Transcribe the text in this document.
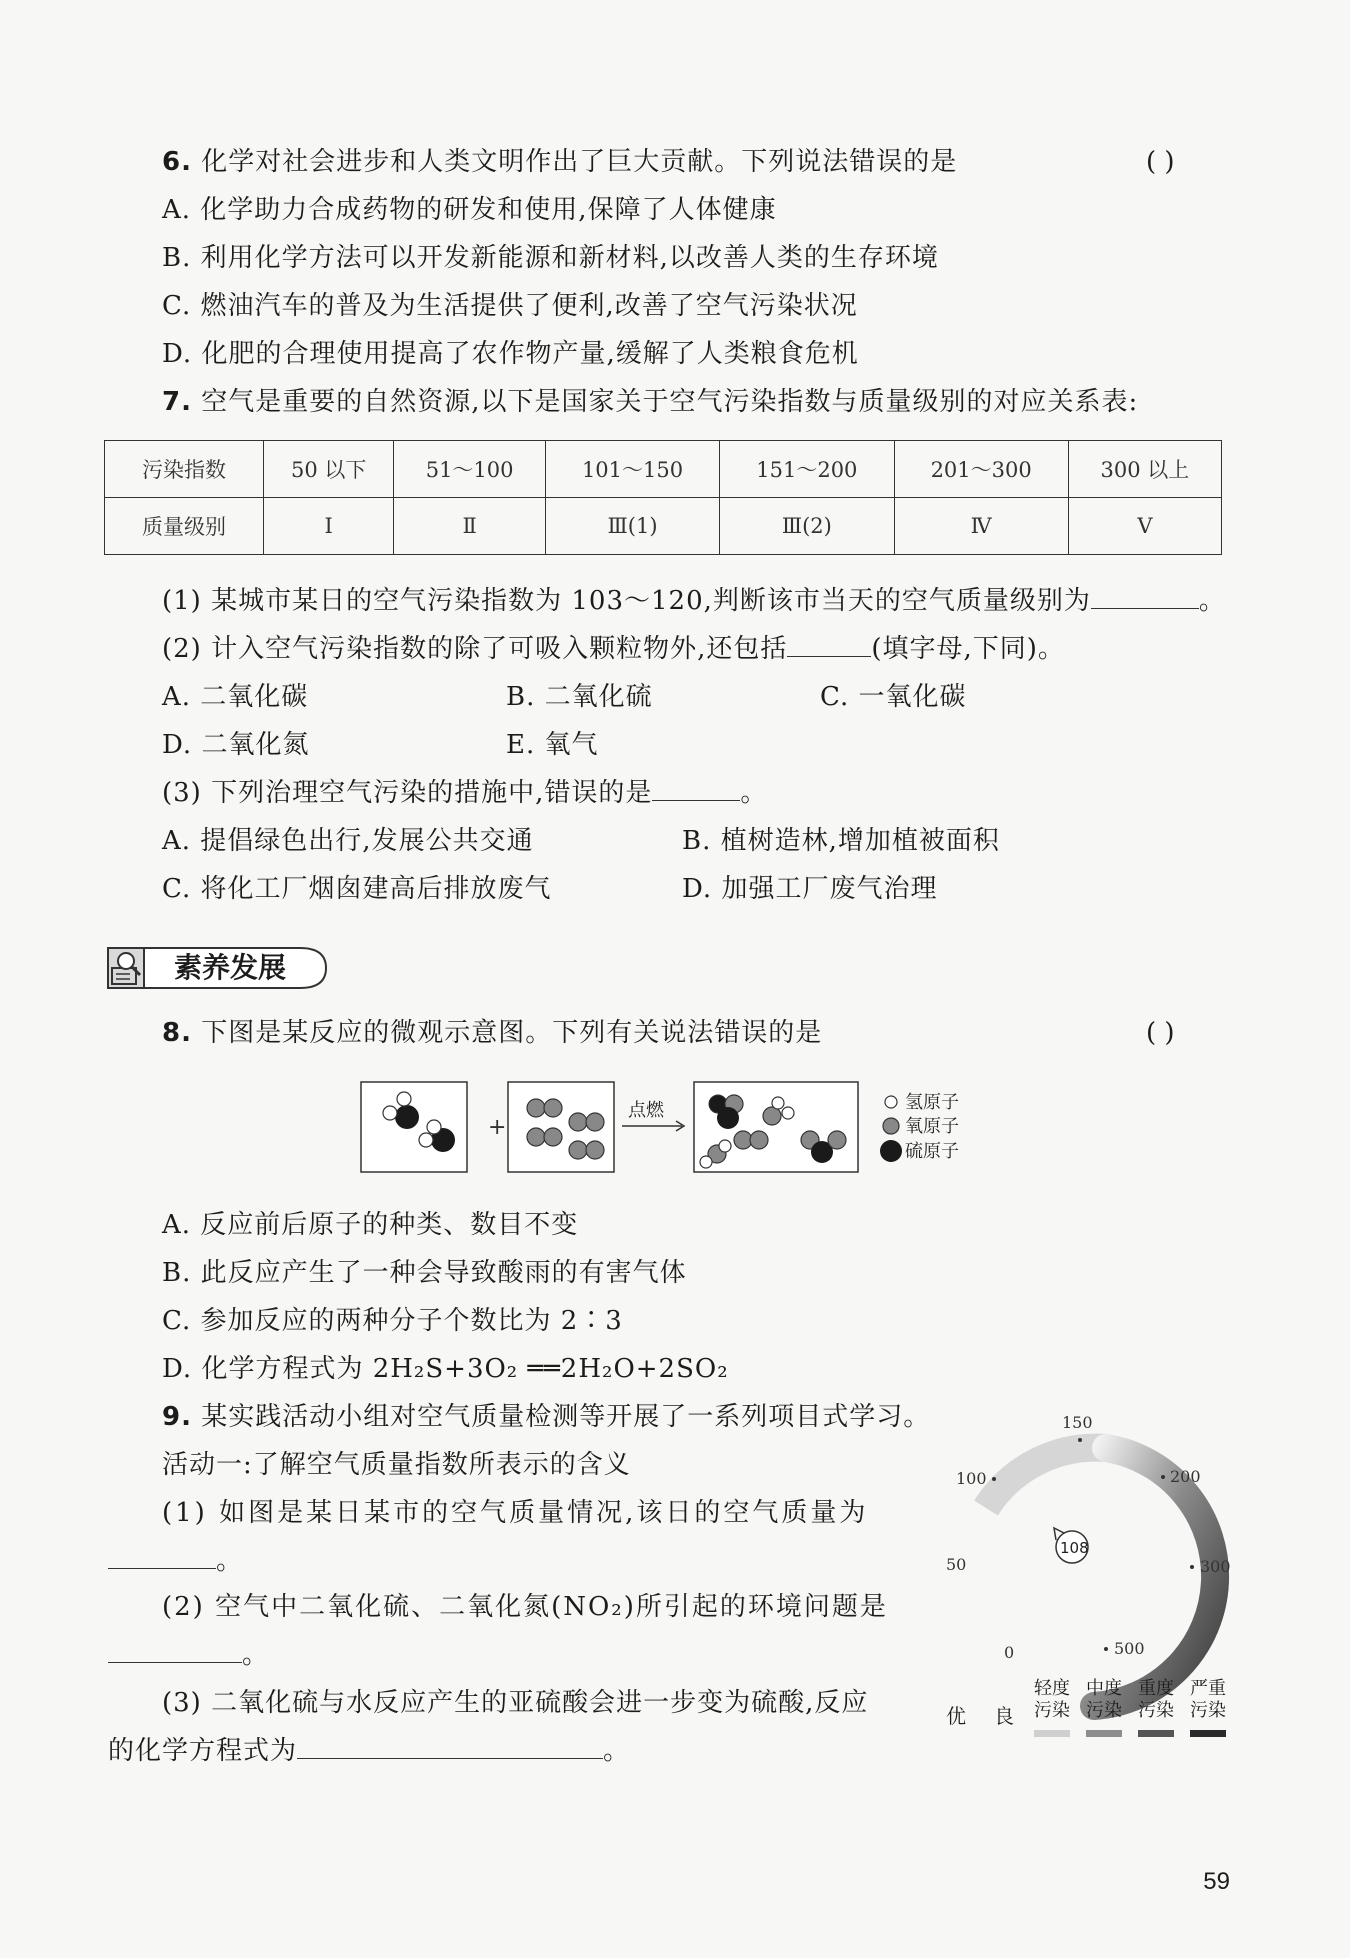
6. 化学对社会进步和人类文明作出了巨大贡献。下列说法错误的是	( )
A. 化学助力合成药物的研发和使用,保障了人体健康
B. 利用化学方法可以开发新能源和新材料,以改善人类的生存环境
C. 燃油汽车的普及为生活提供了便利,改善了空气污染状况
D. 化肥的合理使用提高了农作物产量,缓解了人类粮食危机
7. 空气是重要的自然资源,以下是国家关于空气污染指数与质量级别的对应关系表:
污染指数	50 以下	51～100	101～150	151～200	201～300	300 以上
质量级别	Ⅰ	Ⅱ	Ⅲ(1)	Ⅲ(2)	Ⅳ	Ⅴ
(1) 某城市某日的空气污染指数为 103～120,判断该市当天的空气质量级别为	。
(2) 计入空气污染指数的除了可吸入颗粒物外,还包括	(填字母,下同)。
A. 二氧化碳	B. 二氧化硫	C. 一氧化碳
D. 二氧化氮	E. 氧气
(3) 下列治理空气污染的措施中,错误的是	。
A. 提倡绿色出行,发展公共交通	B. 植树造林,增加植被面积
C. 将化工厂烟囱建高后排放废气	D. 加强工厂废气治理
素养发展
8. 下图是某反应的微观示意图。下列有关说法错误的是	( )
+
点燃	氢原子
氧原子
硫原子
A. 反应前后原子的种类、数目不变
B. 此反应产生了一种会导致酸雨的有害气体
C. 参加反应的两种分子个数比为 2∶3
D. 化学方程式为 2H₂S+3O₂ ══2H₂O+2SO₂
9. 某实践活动小组对空气质量检测等开展了一系列项目式学习。
活动一:了解空气质量指数所表示的含义
(1) 如图是某日某市的空气质量情况,该日的空气质量为
。
(2) 空气中二氧化硫、二氧化氮(NO₂)所引起的环境问题是
。
(3) 二氧化硫与水反应产生的亚硫酸会进一步变为硫酸,反应
的化学方程式为	。
108
0
50
100
150
200
300
500
优 良
轻度污染
中度污染
重度污染
严重污染
59
